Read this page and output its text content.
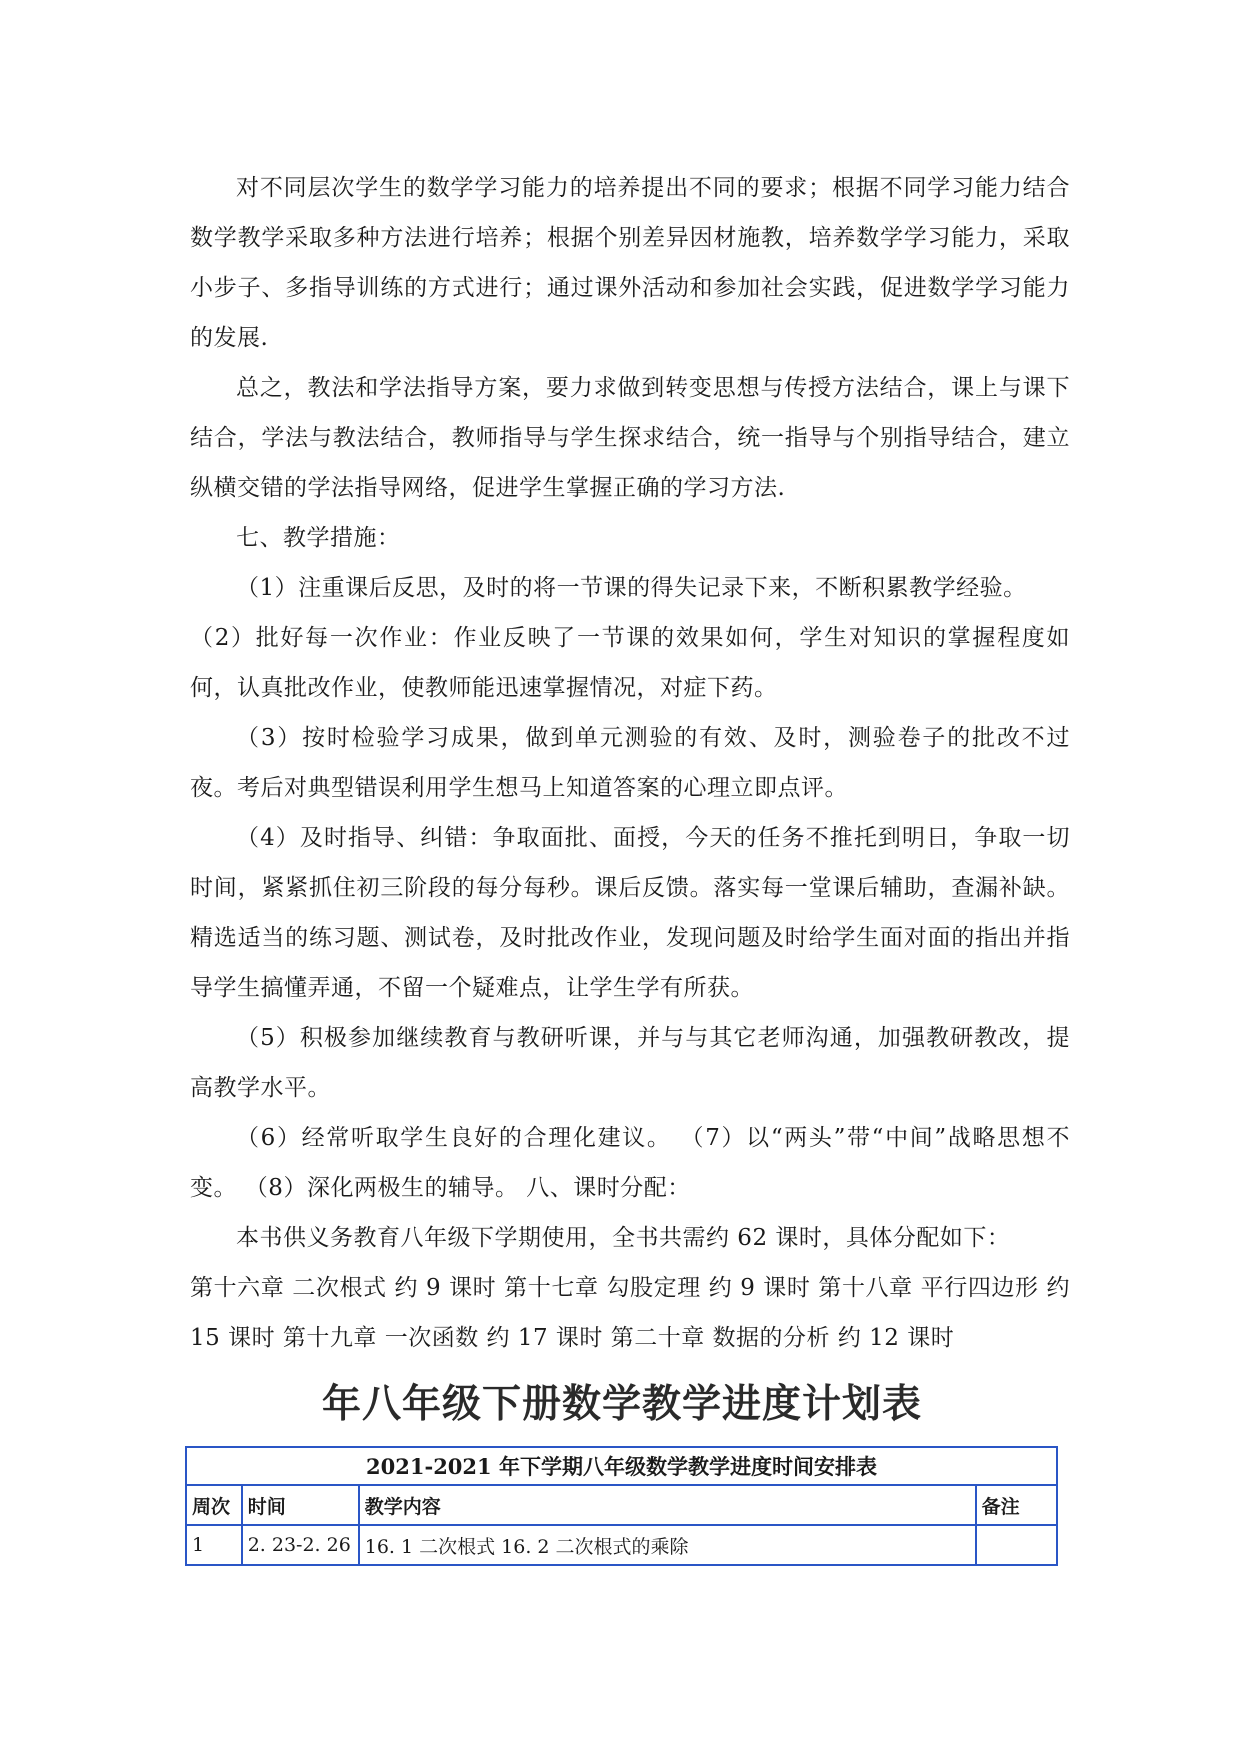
对不同层次学生的数学学习能力的培养提出不同的要求；根据不同学习能力结合数学教学采取多种方法进行培养；根据个别差异因材施教，培养数学学习能力，采取小步子、多指导训练的方式进行；通过课外活动和参加社会实践，促进数学学习能力的发展.

总之，教法和学法指导方案，要力求做到转变思想与传授方法结合，课上与课下结合，学法与教法结合，教师指导与学生探求结合，统一指导与个别指导结合，建立纵横交错的学法指导网络，促进学生掌握正确的学习方法.

七、教学措施：

（1）注重课后反思，及时的将一节课的得失记录下来，不断积累教学经验。

（2）批好每一次作业：作业反映了一节课的效果如何，学生对知识的掌握程度如何，认真批改作业，使教师能迅速掌握情况，对症下药。

（3）按时检验学习成果，做到单元测验的有效、及时，测验卷子的批改不过夜。考后对典型错误利用学生想马上知道答案的心理立即点评。

（4）及时指导、纠错：争取面批、面授，今天的任务不推托到明日，争取一切时间，紧紧抓住初三阶段的每分每秒。课后反馈。落实每一堂课后辅助，查漏补缺。精选适当的练习题、测试卷，及时批改作业，发现问题及时给学生面对面的指出并指导学生搞懂弄通，不留一个疑难点，让学生学有所获。

（5）积极参加继续教育与教研听课，并与与其它老师沟通，加强教研教改，提高教学水平。

（6）经常听取学生良好的合理化建议。 （7）以“两头”带“中间”战略思想不变。 （8）深化两极生的辅导。 八、课时分配：

本书供义务教育八年级下学期使用，全书共需约 62 课时，具体分配如下：

第十六章 二次根式 约 9 课时 第十七章 勾股定理 约 9 课时 第十八章 平行四边形 约 15 课时 第十九章 一次函数 约 17 课时 第二十章 数据的分析 约 12 课时

年八年级下册数学教学进度计划表
2021-2021 年下学期八年级数学教学进度时间安排表			
周次	时间	教学内容	备注
1	2. 23-2. 26	16. 1 二次根式 16. 2 二次根式的乘除	
